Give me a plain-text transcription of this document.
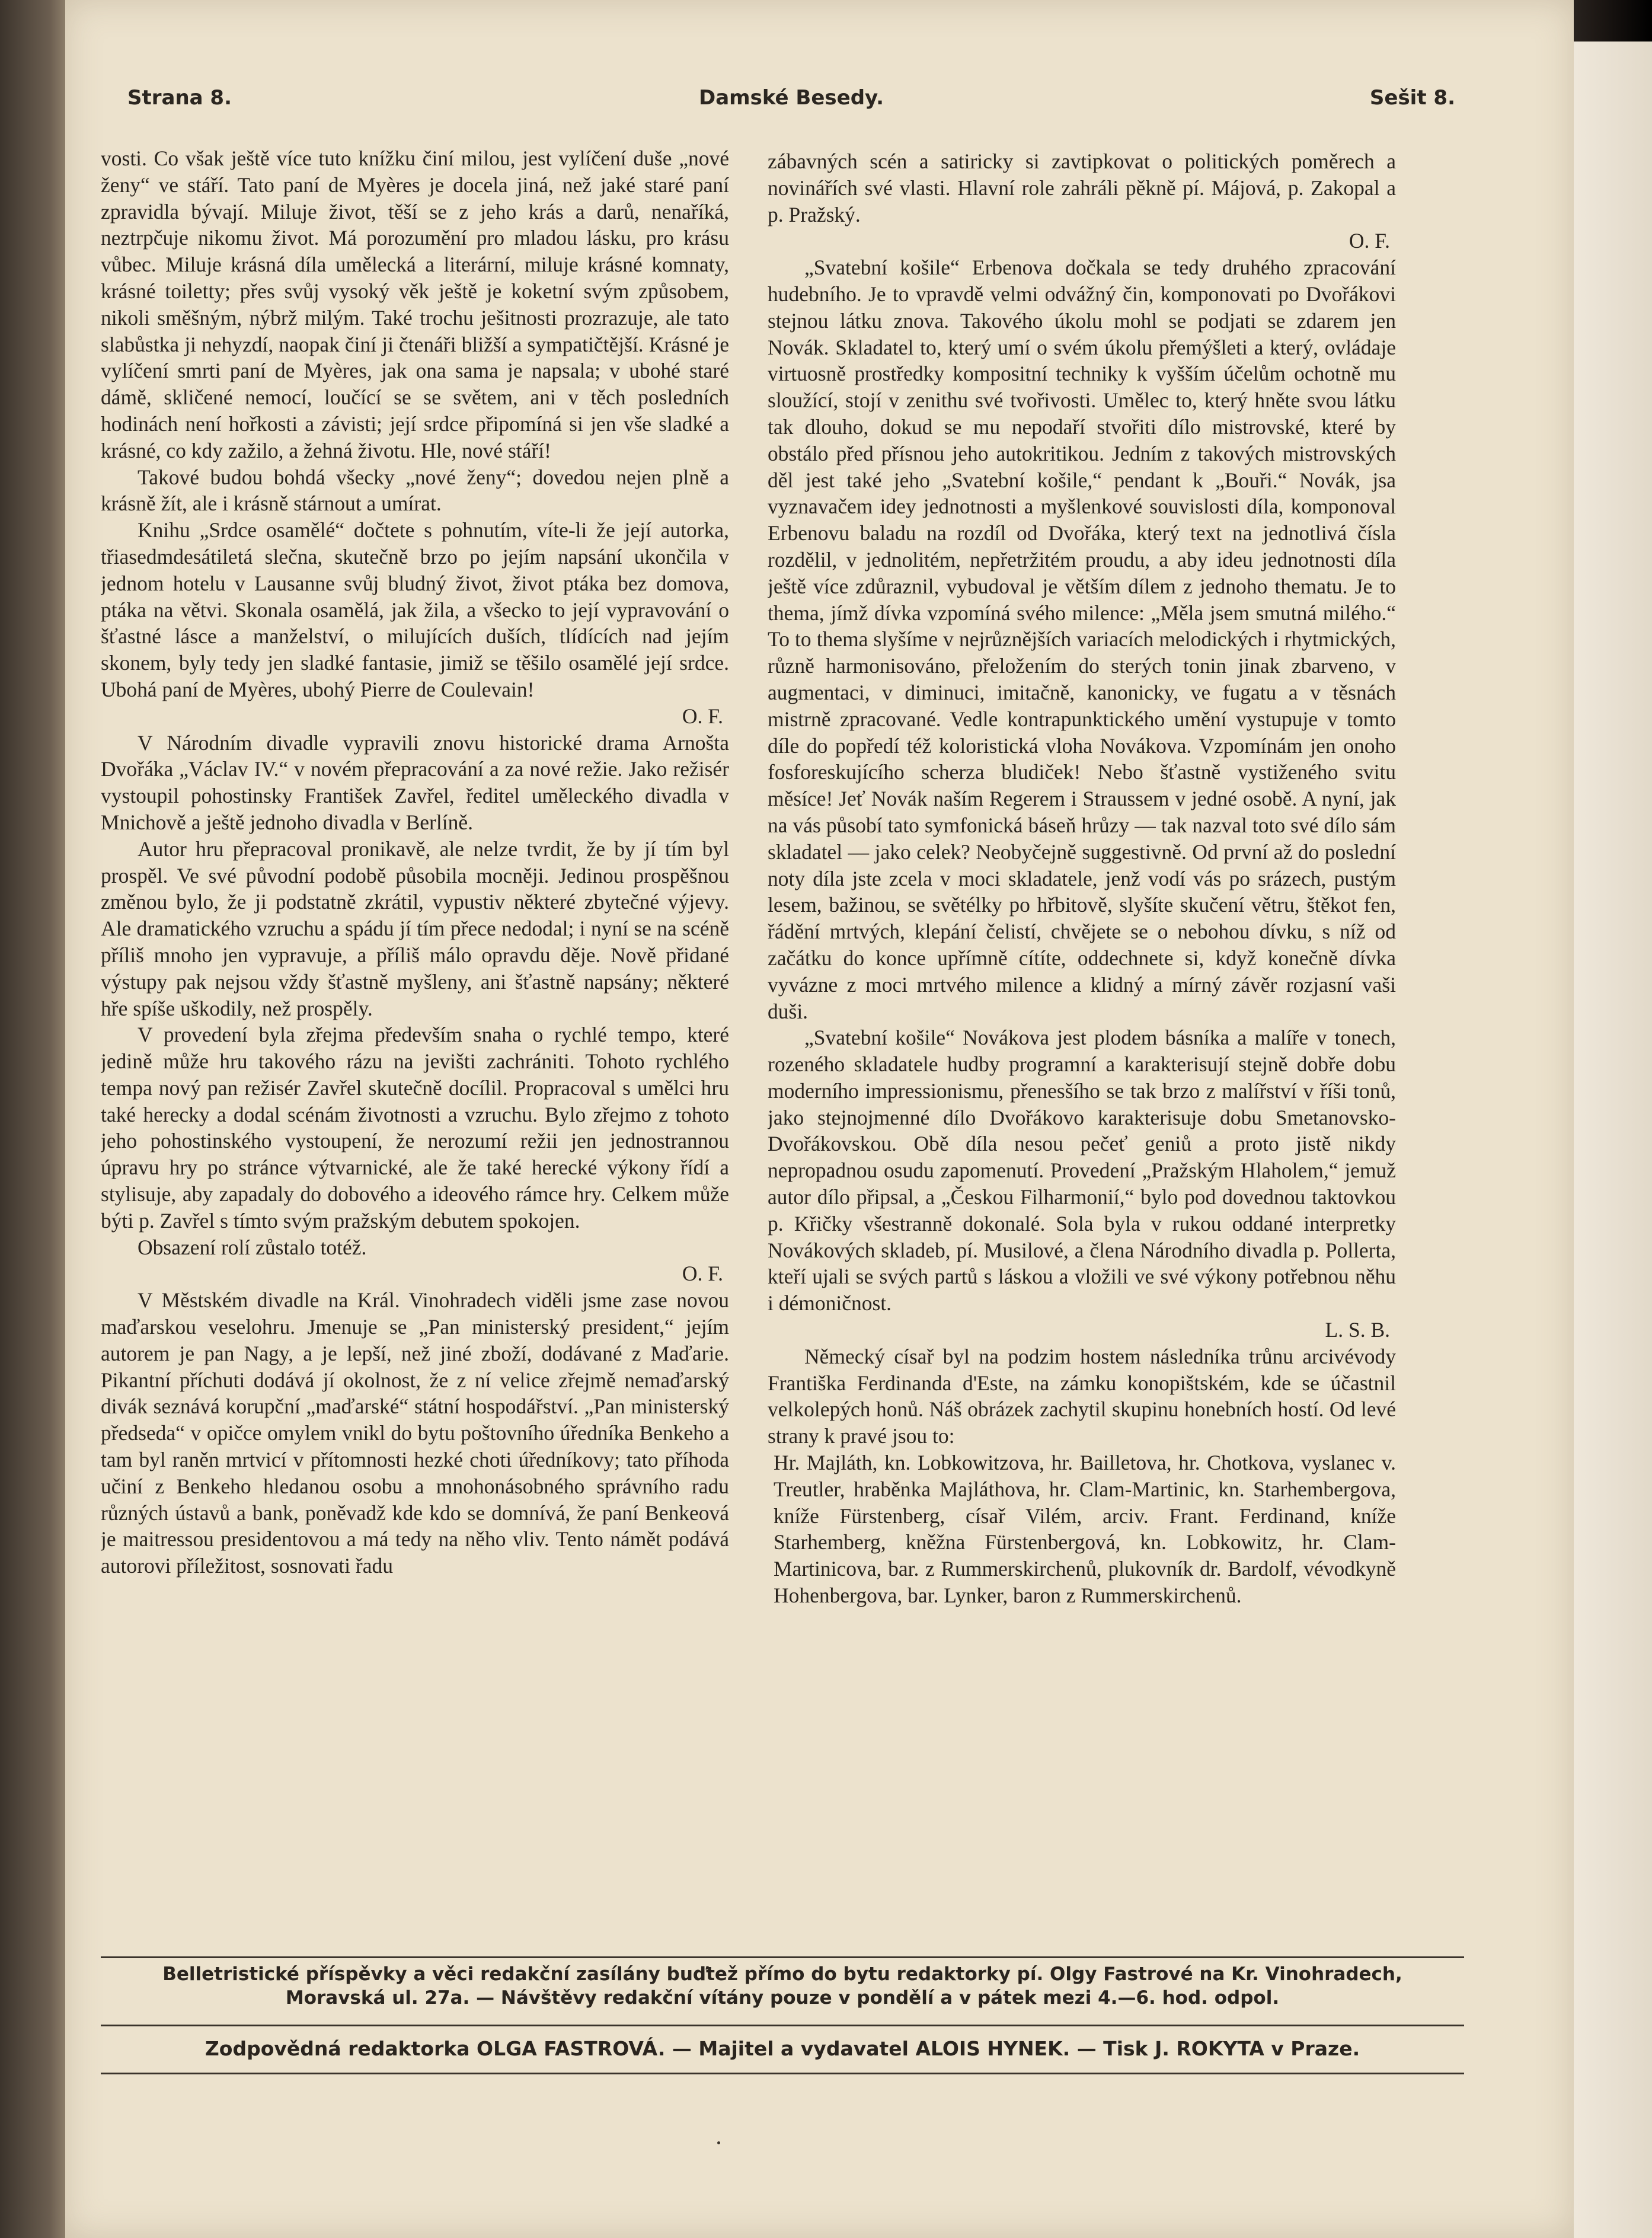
Strana 8.	Damské Besedy.	Sešit 8.

vosti. Co však ještě více tuto knížku činí milou, jest vylíčení duše „nové ženy“ ve stáří. Tato paní de Myères je docela jiná, než jaké staré paní zpravidla bývají. Miluje život, těší se z jeho krás a darů, nenaříká, neztrpčuje nikomu život. Má porozumění pro mladou lásku, pro krásu vůbec. Miluje krásná díla umělecká a literární, miluje krásné komnaty, krásné toiletty; přes svůj vysoký věk ještě je koketní svým způsobem, nikoli směšným, nýbrž milým. Také trochu ješitnosti prozrazuje, ale tato slabůstka ji nehyzdí, naopak činí ji čtenáři bližší a sympatičtější. Krásné je vylíčení smrti paní de Myères, jak ona sama je napsala; v ubohé staré dámě, skličené nemocí, loučící se se světem, ani v těch posledních hodinách není hořkosti a závisti; její srdce připomíná si jen vše sladké a krásné, co kdy zažilo, a žehná životu. Hle, nové stáří!

Takové budou bohdá všecky „nové ženy“; dovedou nejen plně a krásně žít, ale i krásně stárnout a umírat.

Knihu „Srdce osamělé“ dočtete s pohnutím, víte-li že její autorka, třiasedmdesátiletá slečna, skutečně brzo po jejím napsání ukončila v jednom hotelu v Lausanne svůj bludný život, život ptáka bez domova, ptáka na větvi. Skonala osamělá, jak žila, a všecko to její vypravování o šťastné lásce a manželství, o milujících duších, tlídících nad jejím skonem, byly tedy jen sladké fantasie, jimiž se těšilo osamělé její srdce. Ubohá paní de Myères, ubohý Pierre de Coulevain!

O. F.

V Národním divadle vypravili znovu historické drama Arnošta Dvořáka „Václav IV.“ v novém přepracování a za nové režie. Jako režisér vystoupil pohostinsky František Zavřel, ředitel uměleckého divadla v Mnichově a ještě jednoho divadla v Berlíně.

Autor hru přepracoval pronikavě, ale nelze tvrdit, že by jí tím byl prospěl. Ve své původní podobě působila mocněji. Jedinou prospěšnou změnou bylo, že ji podstatně zkrátil, vypustiv některé zbytečné výjevy. Ale dramatického vzruchu a spádu jí tím přece nedodal; i nyní se na scéně příliš mnoho jen vypravuje, a příliš málo opravdu děje. Nově přidané výstupy pak nejsou vždy šťastně myšleny, ani šťastně napsány; některé hře spíše uškodily, než prospěly.

V provedení byla zřejma především snaha o rychlé tempo, které jedině může hru takového rázu na jevišti zachrániti. Tohoto rychlého tempa nový pan režisér Zavřel skutečně docílil. Propracoval s umělci hru také herecky a dodal scénám životnosti a vzruchu. Bylo zřejmo z tohoto jeho pohostinského vystoupení, že nerozumí režii jen jednostrannou úpravu hry po stránce výtvarnické, ale že také herecké výkony řídí a stylisuje, aby zapadaly do dobového a ideového rámce hry. Celkem může býti p. Zavřel s tímto svým pražským debutem spokojen.

Obsazení rolí zůstalo totéž.

O. F.

V Městském divadle na Král. Vinohradech viděli jsme zase novou maďarskou veselohru. Jmenuje se „Pan ministerský president,“ jejím autorem je pan Nagy, a je lepší, než jiné zboží, dodávané z Maďarie. Pikantní příchuti dodává jí okolnost, že z ní velice zřejmě nemaďarský divák seznává korupční „maďarské“ státní hospodářství. „Pan ministerský předseda“ v opičce omylem vnikl do bytu poštovního úředníka Benkeho a tam byl raněn mrtvicí v přítomnosti hezké choti úředníkovy; tato příhoda učiní z Benkeho hledanou osobu a mnohonásobného správního radu různých ústavů a bank, poněvadž kde kdo se domnívá, že paní Benkeová je maitressou presidentovou a má tedy na něho vliv. Tento námět podává autorovi příležitost, sosnovati řadu

zábavných scén a satiricky si zavtipkovat o politických poměrech a novinářích své vlasti. Hlavní role zahráli pěkně pí. Májová, p. Zakopal a p. Pražský.

O. F.

„Svatební košile“ Erbenova dočkala se tedy druhého zpracování hudebního. Je to vpravdě velmi odvážný čin, komponovati po Dvořákovi stejnou látku znova. Takového úkolu mohl se podjati se zdarem jen Novák. Skladatel to, který umí o svém úkolu přemýšleti a který, ovládaje virtuosně prostředky kompositní techniky k vyšším účelům ochotně mu sloužící, stojí v zenithu své tvořivosti. Umělec to, který hněte svou látku tak dlouho, dokud se mu nepodaří stvořiti dílo mistrovské, které by obstálo před přísnou jeho autokritikou. Jedním z takových mistrovských děl jest také jeho „Svatební košile,“ pendant k „Bouři.“ Novák, jsa vyznavačem idey jednotnosti a myšlenkové souvislosti díla, komponoval Erbenovu baladu na rozdíl od Dvořáka, který text na jednotlivá čísla rozdělil, v jednolitém, nepřetržitém proudu, a aby ideu jednotnosti díla ještě více zdůraznil, vybudoval je větším dílem z jednoho thematu. Je to themа, jímž dívka vzpomíná svého milence: „Měla jsem smutná milého.“ To to thema slyšíme v nejrůznějších variacích melodických i rhytmických, různě harmonisováno, přeložením do sterých tonin jinak zbarveno, v augmentaci, v diminuci, imitačně, kanonicky, ve fugatu a v těsnách mistrně zpracované. Vedle kontrapunktického umění vystupuje v tomto díle do popředí též koloristická vloha Novákova. Vzpomínám jen onoho fosforeskujícího scherza bludiček! Nebo šťastně vystiženého svitu měsíce! Jeť Novák naším Regerem i Straussem v jedné osobě. A nyní, jak na vás působí tato symfonická báseň hrůzy — tak nazval toto své dílo sám skladatel — jako celek? Neobyčejně suggestivně. Od první až do poslední noty díla jste zcela v moci skladatele, jenž vodí vás po srázech, pustým lesem, bažinou, se světélky po hřbitově, slyšíte skučení větru, štěkot fen, řádění mrtvých, klepání čelistí, chvějete se o nebohou dívku, s níž od začátku do konce upřímně cítíte, oddechnete si, když konečně dívka vyvázne z moci mrtvého milence a klidný a mírný závěr rozjasní vaši duši.

„Svatební košile“ Novákova jest plodem básníka a malíře v tonech, rozeného skladatele hudby programní a karakterisují stejně dobře dobu moderního impressionismu, přenesšího se tak brzo z malířství v říši tonů, jako stejnojmenné dílo Dvořákovo karakterisuje dobu Smetanovsko-Dvořákovskou. Obě díla nesou pečeť geniů a proto jistě nikdy nepropadnou osudu zapomenutí. Provedení „Pražským Hlaholem,“ jemuž autor dílo připsal, a „Českou Filharmonií,“ bylo pod dovednou taktovkou p. Křičky všestranně dokonalé. Sola byla v rukou oddané interpretky Novákových skladeb, pí. Musilové, a člena Národního divadla p. Pollerta, kteří ujali se svých partů s láskou a vložili ve své výkony potřebnou něhu i démoničnost.

L. S. B.

Německý císař byl na podzim hostem následníka trůnu arcivévody Františka Ferdinanda d'Este, na zámku konopištském, kde se účastnil velkolepých honů. Náš obrázek zachytil skupinu honebních hostí. Od levé strany k pravé jsou to:

Hr. Majláth, kn. Lobkowitzova, hr. Bailletova, hr. Chotkova, vyslanec v. Treutler, hraběnka Majláthova, hr. Clam-Martinic, kn. Starhembergova, kníže Fürstenberg, císař Vilém, arciv. Frant. Ferdinand, kníže Starhemberg, kněžna Fürstenbergová, kn. Lobkowitz, hr. Clam-Martinicova, bar. z Rummerskirchenů, plukovník dr. Bardolf, vévodkyně Hohenbergova, bar. Lynker, baron z Rummerskirchenů.

Belletristické příspěvky a věci redakční zasílány buďtež přímo do bytu redaktorky pí. Olgy Fastrové na Kr. Vinohradech,
Moravská ul. 27a. — Návštěvy redakční vítány pouze v pondělí a v pátek mezi 4.—6. hod. odpol.
Zodpovědná redaktorka OLGA FASTROVÁ. — Majitel a vydavatel ALOIS HYNEK. — Tisk J. ROKYTA v Praze.
